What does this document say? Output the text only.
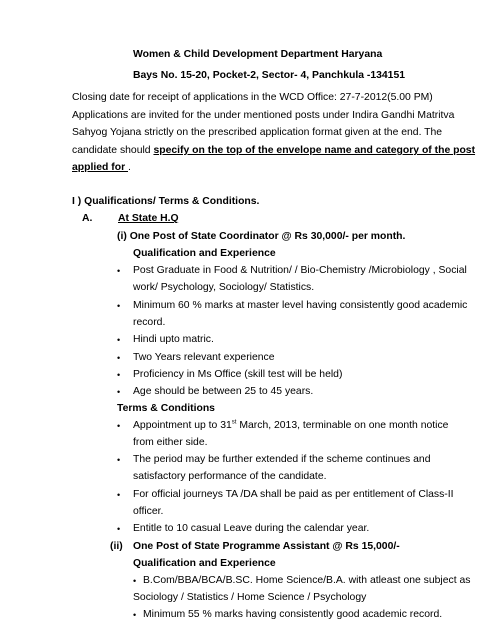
Women & Child Development Department Haryana
Bays No. 15-20, Pocket-2, Sector- 4, Panchkula -134151
Closing date for receipt of applications in the WCD Office: 27-7-2012(5.00 PM)
Applications are invited for the under mentioned posts under Indira Gandhi Matritva
Sahyog Yojana strictly on the prescribed application format given at the end. The
candidate should specify on the top of the envelope name and category of the post
applied for .
I ) Qualifications/ Terms & Conditions.
A. At State H.Q
(i) One Post of State Coordinator @ Rs 30,000/- per month.
Qualification and Experience
• Post Graduate in Food & Nutrition/ / Bio-Chemistry /Microbiology , Social
work/ Psychology, Sociology/ Statistics.
• Minimum 60 % marks at master level having consistently good academic
record.
• Hindi upto matric.
• Two Years relevant experience
• Proficiency in Ms Office (skill test will be held)
• Age should be between 25 to 45 years.
Terms & Conditions
• Appointment up to 31st March, 2013, terminable on one month notice
from either side.
• The period may be further extended if the scheme continues and
satisfactory performance of the candidate.
• For official journeys TA /DA shall be paid as per entitlement of Class-II
officer.
• Entitle to 10 casual Leave during the calendar year.
(ii) One Post of State Programme Assistant @ Rs 15,000/-
Qualification and Experience
• B.Com/BBA/BCA/B.SC. Home Science/B.A. with atleast one subject as
Sociology / Statistics / Home Science / Psychology
• Minimum 55 % marks having consistently good academic record.
